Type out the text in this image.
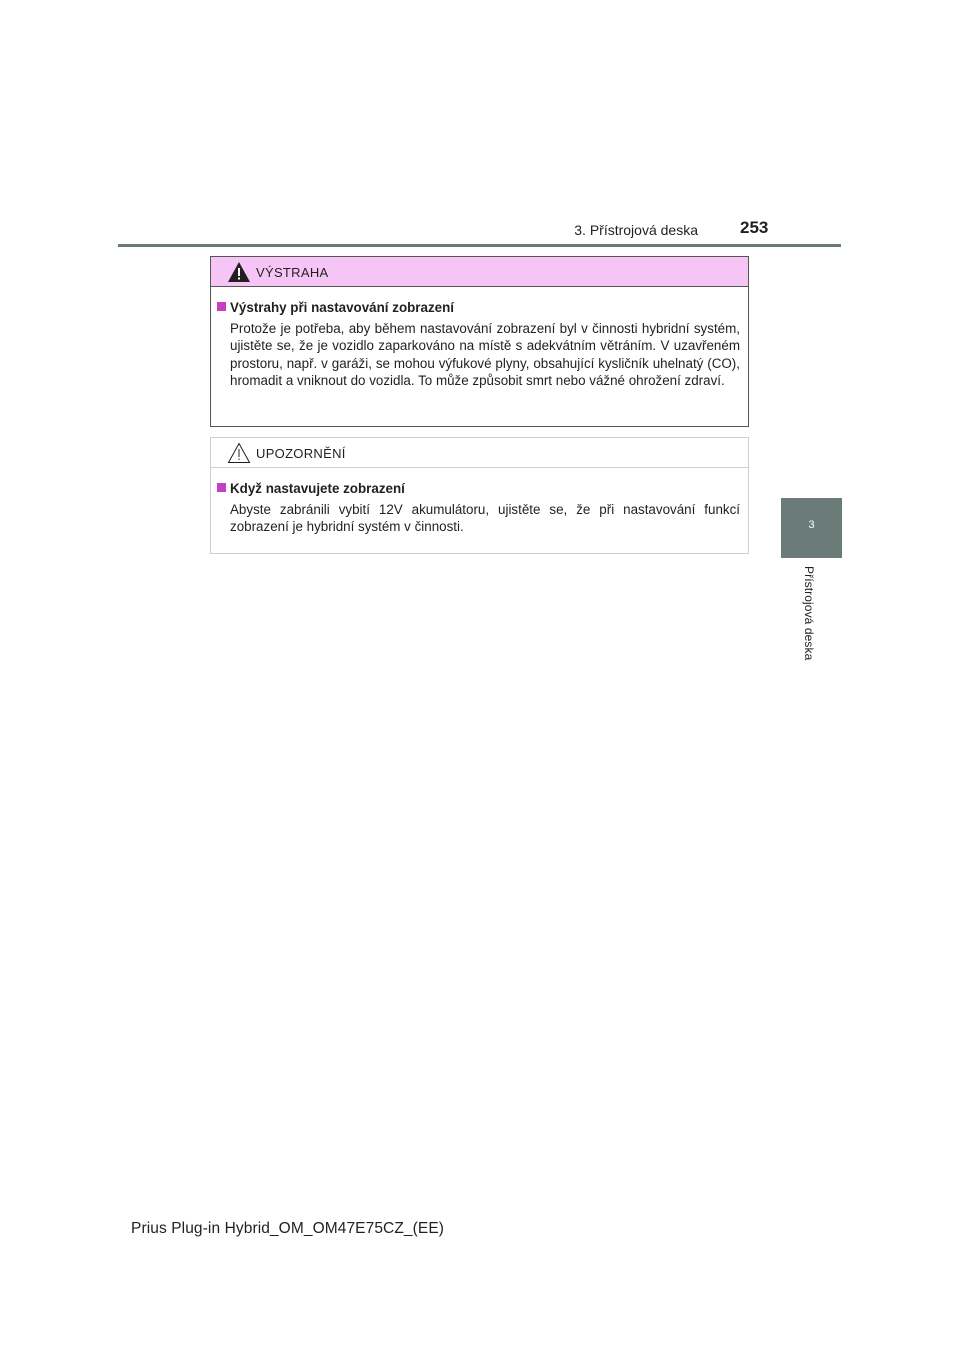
3. Přístrojová deska 253
3
Přístrojová deska
VÝSTRAHA
Výstrahy při nastavování zobrazení
Protože je potřeba, aby během nastavování zobrazení byl v činnosti hybridní systém, ujistěte se, že je vozidlo zaparkováno na místě s adekvátním větráním. V uzavřeném prostoru, např. v garáži, se mohou výfukové plyny, obsahující kysličník uhelnatý (CO), hromadit a vniknout do vozidla. To může způsobit smrt nebo vážné ohrožení zdraví.
UPOZORNĚNÍ
Když nastavujete zobrazení
Abyste zabránili vybití 12V akumulátoru, ujistěte se, že při nastavování funkcí zobrazení je hybridní systém v činnosti.
Prius Plug-in Hybrid_OM_OM47E75CZ_(EE)
